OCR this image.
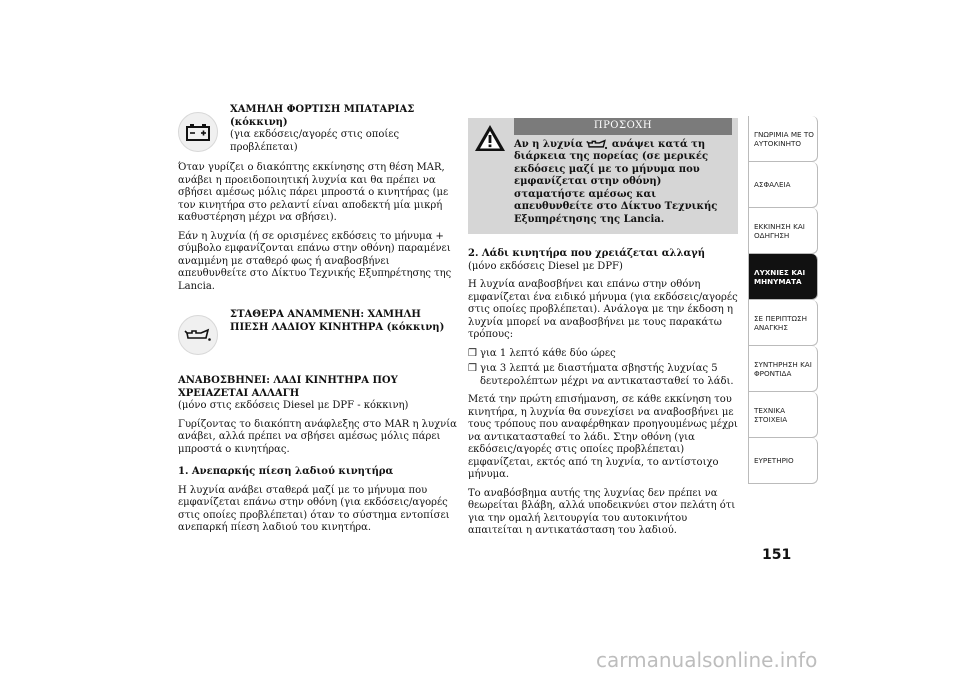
ΧΑΜΗΛΗ ΦΟΡΤΙΣΗ ΜΠΑΤΑΡΙΑΣ
(κόκκινη)
(για εκδόσεις/αγορές στις οποίες προβλέπεται)

Όταν γυρίζει ο διακόπτης εκκίνησης στη θέση MAR, ανάβει η προειδοποιητική λυχνία και θα πρέπει να σβήσει αμέσως μόλις πάρει μπροστά ο κινητήρας (με τον κινητήρα στο ρελαντί είναι αποδεκτή μία μικρή καθυστέρηση μέχρι να σβήσει).

Εάν η λυχνία (ή σε ορισμένες εκδόσεις το μήνυμα + σύμβολο εμφανίζονται επάνω στην οθόνη) παραμένει αναμμένη με σταθερό φως ή αναβοσβήνει απευθυνθείτε στο Δίκτυο Τεχνικής Εξυπηρέτησης της Lancia.

ΣΤΑΘΕΡΑ ΑΝΑΜΜΕΝΗ: ΧΑΜΗΛΗ ΠΙΕΣΗ ΛΑΔΙΟΥ ΚΙΝΗΤΗΡΑ (κόκκινη)
ΑΝΑΒΟΣΒΗΝΕΙ: ΛΑΔΙ ΚΙΝΗΤΗΡΑ ΠΟΥ ΧΡΕΙΑΖΕΤΑΙ ΑΛΛΑΓΗ

(μόνο στις εκδόσεις Diesel με DPF - κόκκινη)

Γυρίζοντας το διακόπτη ανάφλεξης στο MAR η λυχνία ανάβει, αλλά πρέπει να σβήσει αμέσως μόλις πάρει μπροστά ο κινητήρας.

1. Ανεπαρκής πίεση λαδιού κινητήρα

Η λυχνία ανάβει σταθερά μαζί με το μήνυμα που εμφανίζεται επάνω στην οθόνη (για εκδόσεις/αγορές στις οποίες προβλέπεται) όταν το σύστημα εντοπίσει ανεπαρκή πίεση λαδιού του κινητήρα.

ΠΡΟΣΟΧΗ
Αν η λυχνία	ανάψει κατά τη διάρκεια της πορείας (σε μερικές εκδόσεις μαζί με το μήνυμα που εμφανίζεται στην οθόνη) σταματήστε αμέσως και απευθυνθείτε στο Δίκτυο Τεχνικής Εξυπηρέτησης της Lancia.
2. Λάδι κινητήρα που χρειάζεται αλλαγή

(μόνο εκδόσεις Diesel με DPF)

Η λυχνία αναβοσβήνει και επάνω στην οθόνη εμφανίζεται ένα ειδικό μήνυμα (για εκδόσεις/αγορές στις οποίες προβλέπεται). Ανάλογα με την έκδοση η λυχνία μπορεί να αναβοσβήνει με τους παρακάτω τρόπους:

❒ για 1 λεπτό κάθε δύο ώρες
❒ για 3 λεπτά με διαστήματα σβηστής λυχνίας 5 δευτερολέπτων μέχρι να αντικατασταθεί το λάδι.

Μετά την πρώτη επισήμανση, σε κάθε εκκίνηση του κινητήρα, η λυχνία θα συνεχίσει να αναβοσβήνει με τους τρόπους που αναφέρθηκαν προηγουμένως μέχρι να αντικατασταθεί το λάδι. Στην οθόνη (για εκδόσεις/αγορές στις οποίες προβλέπεται) εμφανίζεται, εκτός από τη λυχνία, το αντίστοιχο μήνυμα.

Το αναβόσβημα αυτής της λυχνίας δεν πρέπει να θεωρείται βλάβη, αλλά υποδεικνύει στον πελάτη ότι για την ομαλή λειτουργία του αυτοκινήτου απαιτείται η αντικατάσταση του λαδιού.

ΓΝΩΡΙΜΙΑ ΜΕ ΤΟ ΑΥΤΟΚΙΝΗΤΟ
ΑΣΦΑΛΕΙΑ
ΕΚΚΙΝΗΣΗ ΚΑΙ ΟΔΗΓΗΣΗ
ΛΥΧΝΙΕΣ ΚΑΙ ΜΗΝΥΜΑΤΑ
ΣΕ ΠΕΡΙΠΤΩΣΗ ΑΝΑΓΚΗΣ
ΣΥΝΤΗΡΗΣΗ ΚΑΙ ΦΡΟΝΤΙΔΑ
ΤΕΧΝΙΚΑ ΣΤΟΙΧΕΙΑ
ΕΥΡΕΤΗΡΙΟ
151
carmanualsonline.info
